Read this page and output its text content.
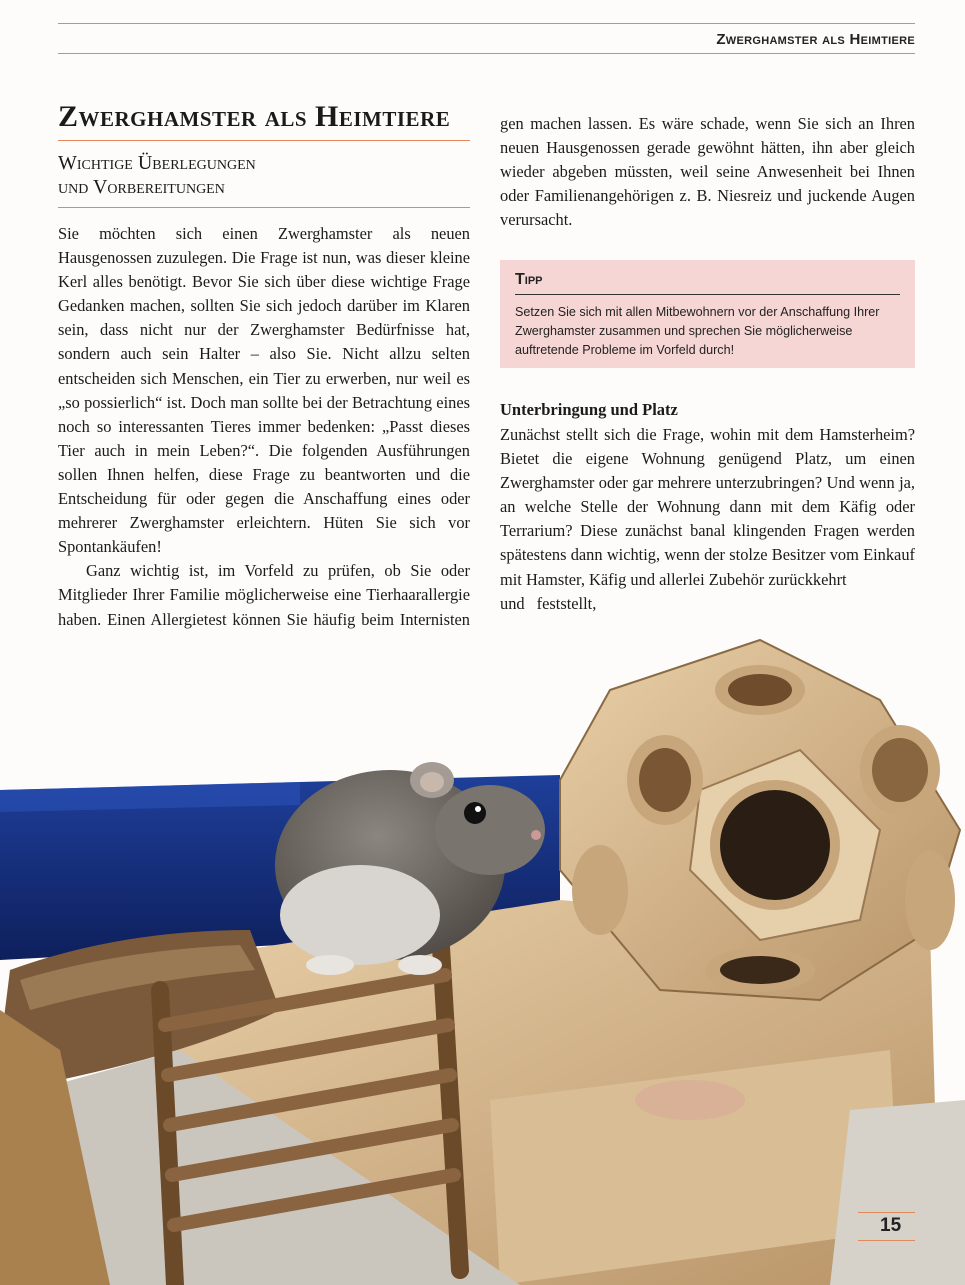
Zwerghamster als Heimtiere
Zwerghamster als Heimtiere
Wichtige Überlegungen
und Vorbereitungen

Sie möchten sich einen Zwerghamster als neuen Hausgenossen zuzulegen. Die Frage ist nun, was dieser kleine Kerl alles benötigt. Bevor Sie sich über diese wichtige Frage Gedanken machen, sollten Sie sich jedoch darüber im Klaren sein, dass nicht nur der Zwerghamster Bedürfnisse hat, sondern auch sein Halter – also Sie. Nicht allzu selten entscheiden sich Menschen, ein Tier zu erwerben, nur weil es „so possierlich“ ist. Doch man sollte bei der Betrachtung eines noch so interessanten Tieres immer bedenken: „Passt dieses Tier auch in mein Leben?“. Die folgenden Ausführungen sollen Ihnen helfen, diese Frage zu beantworten und die Entscheidung für oder gegen die Anschaffung eines oder mehrerer Zwerghamster erleichtern. Hüten Sie sich vor Spontankäufen!

Ganz wichtig ist, im Vorfeld zu prüfen, ob Sie oder Mitglieder Ihrer Familie möglicherweise eine Tierhaarallergie haben. Einen Allergietest können Sie häufig beim Internisten

gen machen lassen. Es wäre schade, wenn Sie sich an Ihren neuen Hausgenossen gerade gewöhnt hätten, ihn aber gleich wieder abgeben müssten, weil seine Anwesenheit bei Ihnen oder Familienangehörigen z. B. Niesreiz und juckende Augen verursacht.

Tipp
Setzen Sie sich mit allen Mitbewohnern vor der Anschaffung Ihrer Zwerghamster zusammen und sprechen Sie möglicherweise auftretende Probleme im Vorfeld durch!
Unterbringung und Platz

Zunächst stellt sich die Frage, wohin mit dem Hamsterheim? Bietet die eigene Wohnung genügend Platz, um einen Zwerghamster oder gar mehrere unterzubringen? Und wenn ja, an welche Stelle der Wohnung dann mit dem Käfig oder Terrarium? Diese zunächst banal klingenden Fragen werden spätestens dann wichtig, wenn der stolze Besitzer vom Einkauf mit Hamster, Käfig und allerlei Zubehör zurückkehrt

und feststellt,

15
